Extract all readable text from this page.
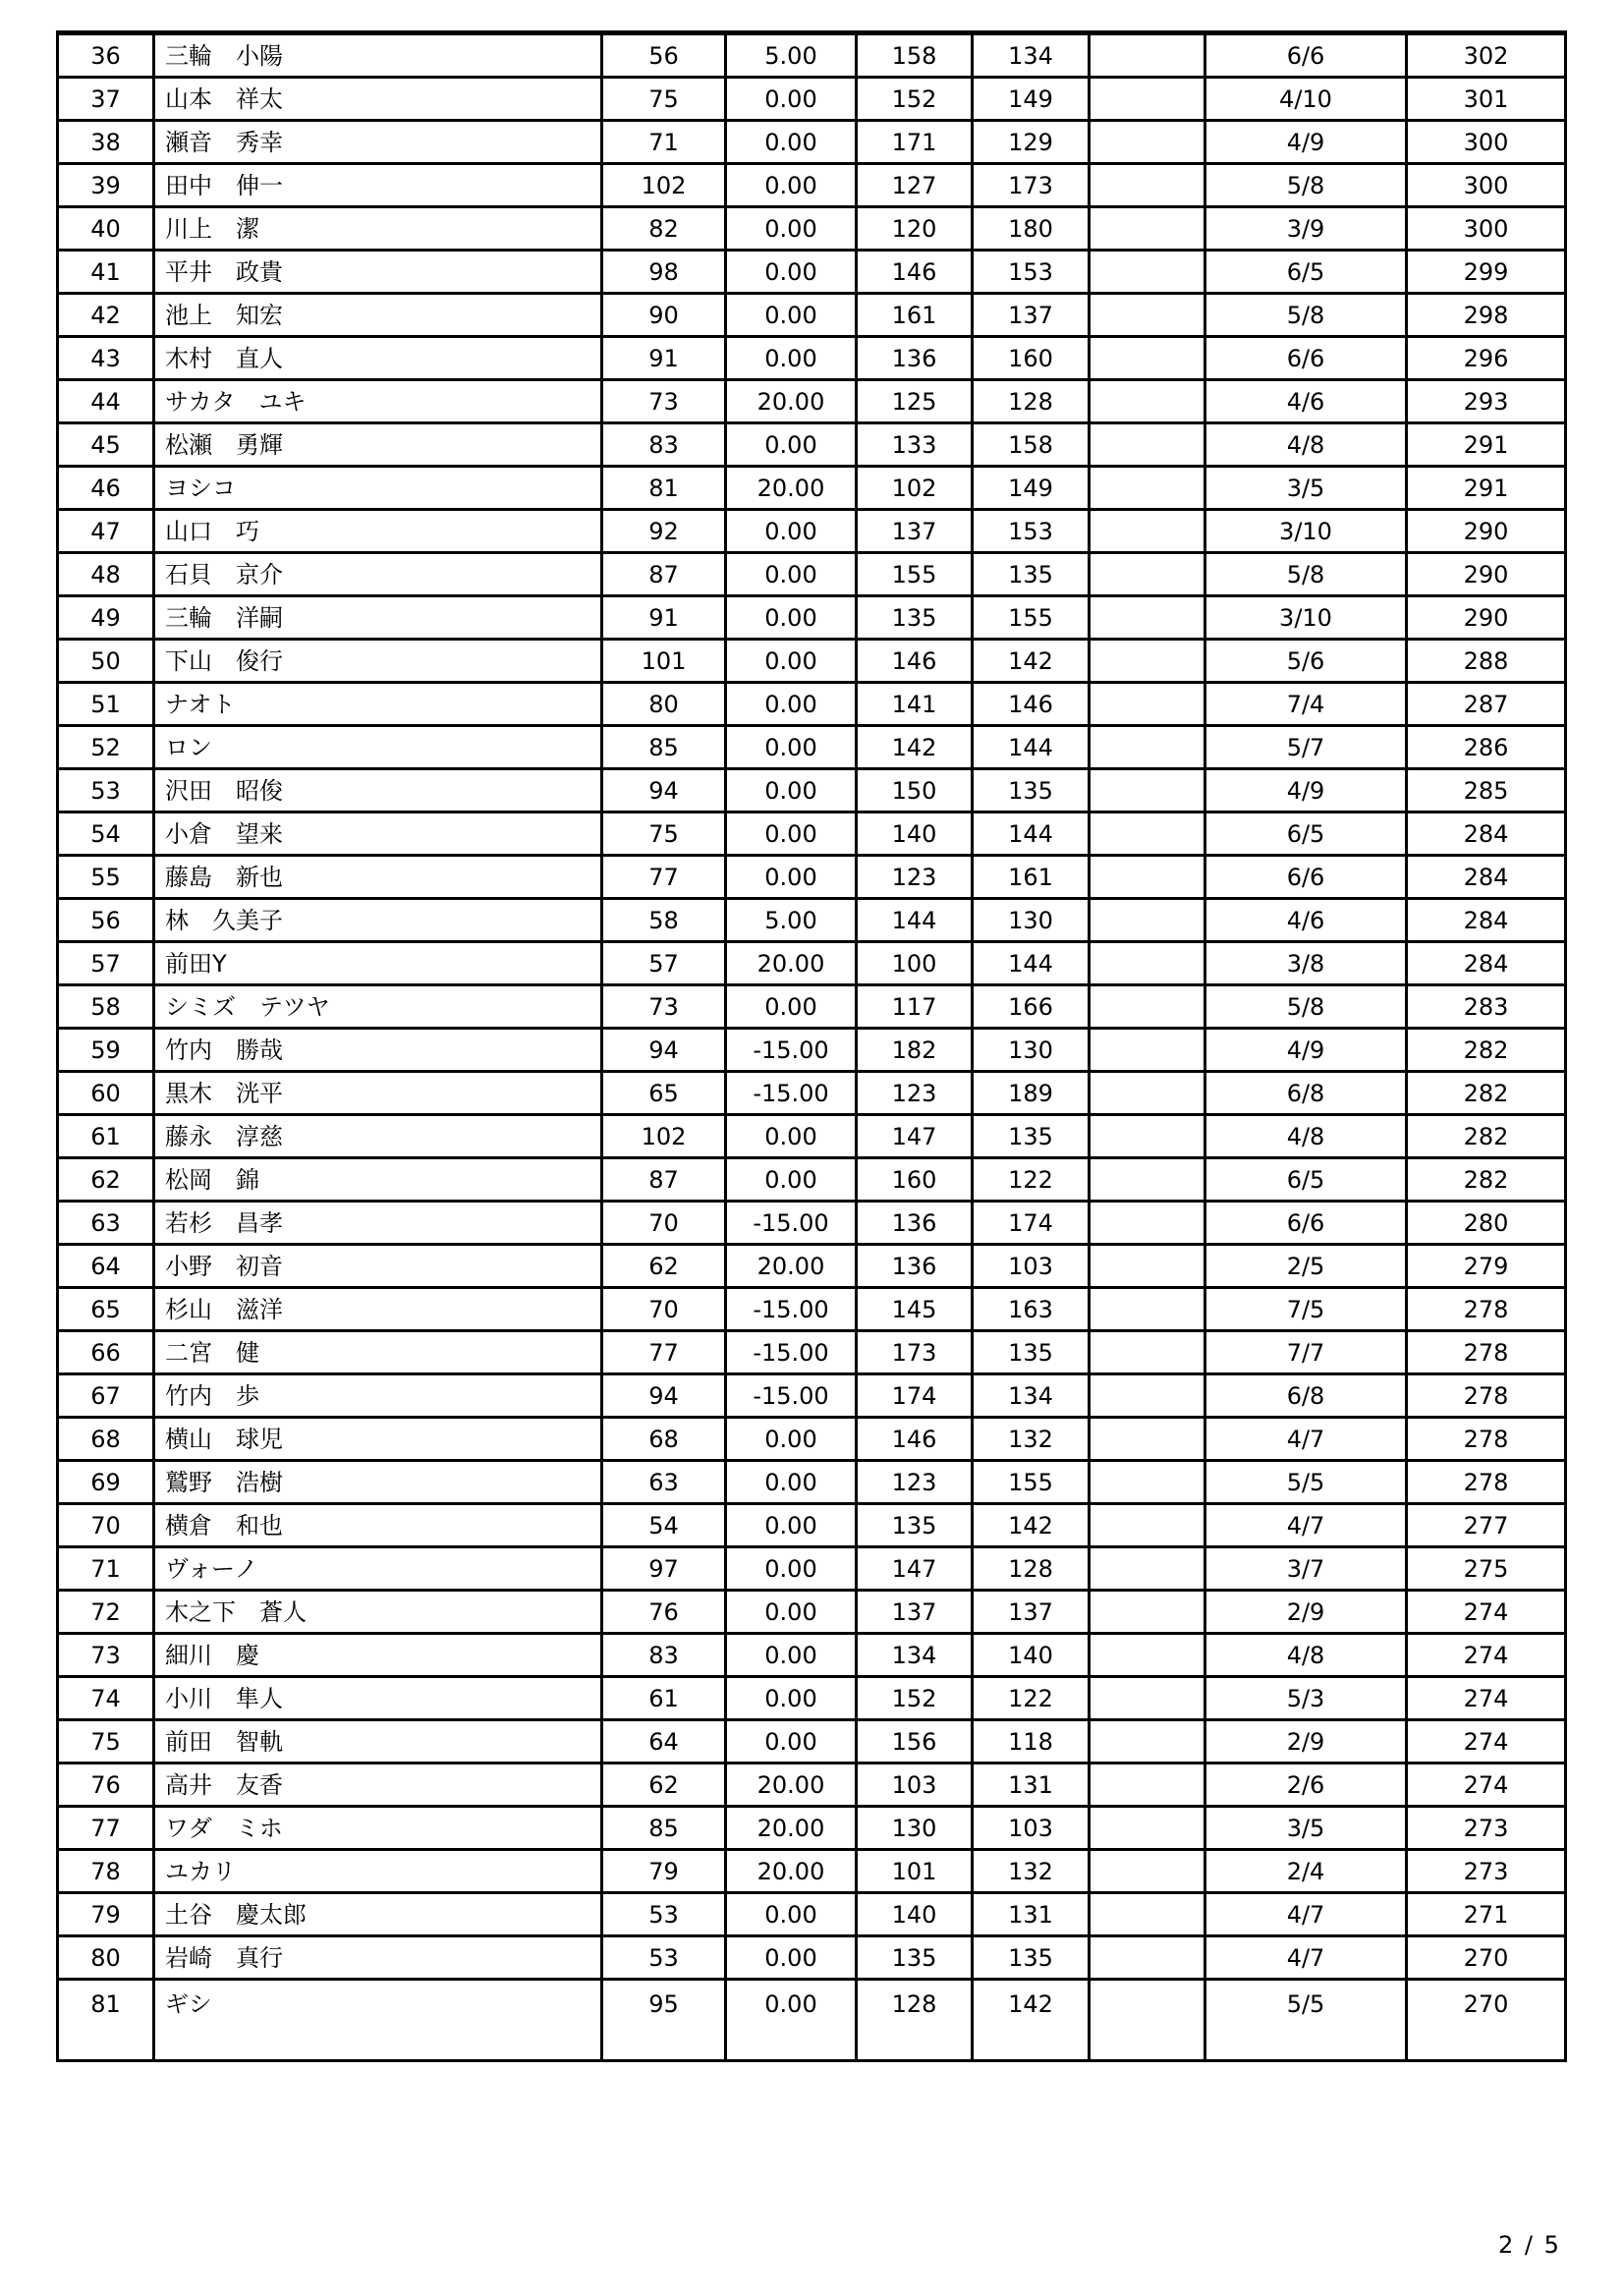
36	三輪　小陽	56	5.00	158	134		6/6	302
37	山本　祥太	75	0.00	152	149		4/10	301
38	瀬音　秀幸	71	0.00	171	129		4/9	300
39	田中　伸一	102	0.00	127	173		5/8	300
40	川上　潔	82	0.00	120	180		3/9	300
41	平井　政貴	98	0.00	146	153		6/5	299
42	池上　知宏	90	0.00	161	137		5/8	298
43	木村　直人	91	0.00	136	160		6/6	296
44	サカタ　ユキ	73	20.00	125	128		4/6	293
45	松瀬　勇輝	83	0.00	133	158		4/8	291
46	ヨシコ	81	20.00	102	149		3/5	291
47	山口　巧	92	0.00	137	153		3/10	290
48	石貝　京介	87	0.00	155	135		5/8	290
49	三輪　洋嗣	91	0.00	135	155		3/10	290
50	下山　俊行	101	0.00	146	142		5/6	288
51	ナオト	80	0.00	141	146		7/4	287
52	ロン	85	0.00	142	144		5/7	286
53	沢田　昭俊	94	0.00	150	135		4/9	285
54	小倉　望来	75	0.00	140	144		6/5	284
55	藤島　新也	77	0.00	123	161		6/6	284
56	林　久美子	58	5.00	144	130		4/6	284
57	前田Y	57	20.00	100	144		3/8	284
58	シミズ　テツヤ	73	0.00	117	166		5/8	283
59	竹内　勝哉	94	-15.00	182	130		4/9	282
60	黒木　洸平	65	-15.00	123	189		6/8	282
61	藤永　淳慈	102	0.00	147	135		4/8	282
62	松岡　錦	87	0.00	160	122		6/5	282
63	若杉　昌孝	70	-15.00	136	174		6/6	280
64	小野　初音	62	20.00	136	103		2/5	279
65	杉山　滋洋	70	-15.00	145	163		7/5	278
66	二宮　健	77	-15.00	173	135		7/7	278
67	竹内　歩	94	-15.00	174	134		6/8	278
68	横山　球児	68	0.00	146	132		4/7	278
69	鷲野　浩樹	63	0.00	123	155		5/5	278
70	横倉　和也	54	0.00	135	142		4/7	277
71	ヴォーノ	97	0.00	147	128		3/7	275
72	木之下　蒼人	76	0.00	137	137		2/9	274
73	細川　慶	83	0.00	134	140		4/8	274
74	小川　隼人	61	0.00	152	122		5/3	274
75	前田　智軌	64	0.00	156	118		2/9	274
76	高井　友香	62	20.00	103	131		2/6	274
77	ワダ　ミホ	85	20.00	130	103		3/5	273
78	ユカリ	79	20.00	101	132		2/4	273
79	土谷　慶太郎	53	0.00	140	131		4/7	271
80	岩崎　真行	53	0.00	135	135		4/7	270
81	ギシ	95	0.00	128	142		5/5	270
2 / 5
